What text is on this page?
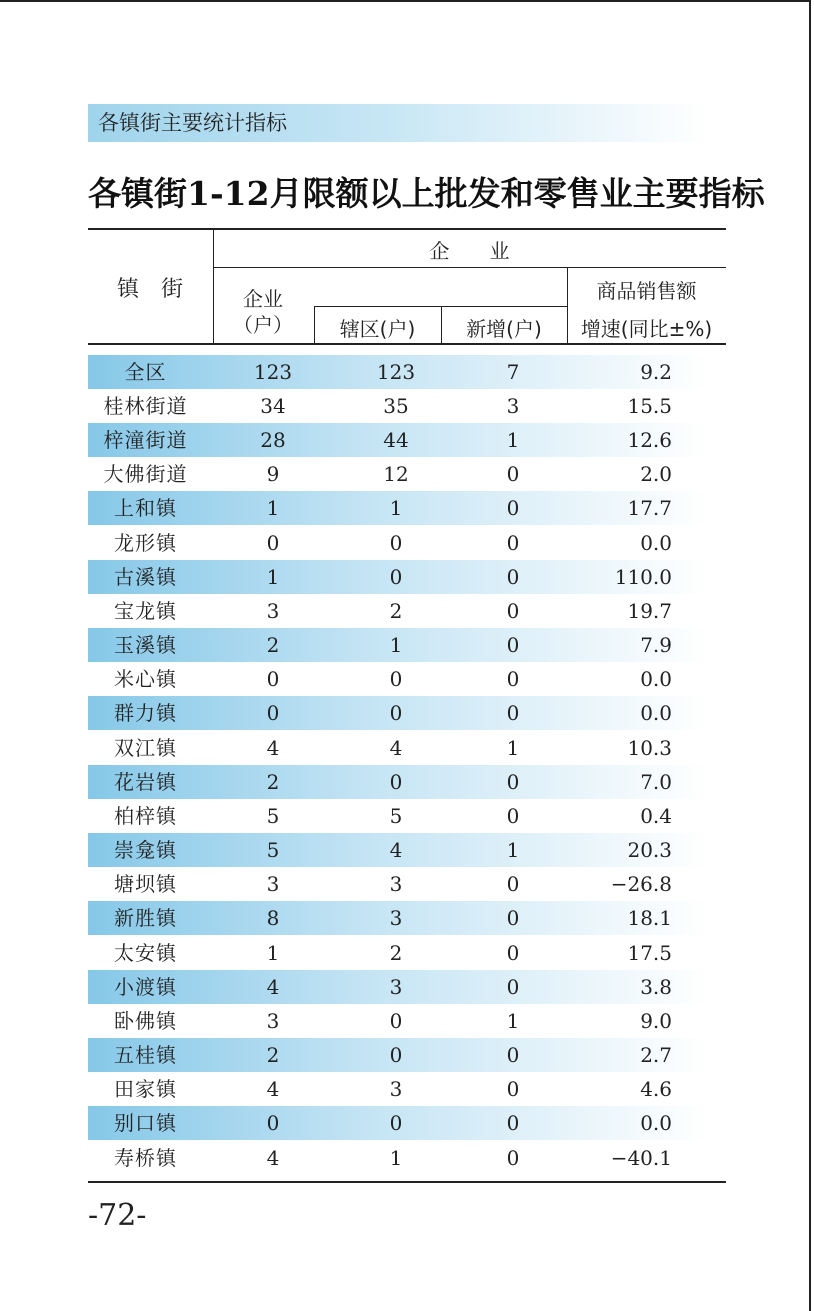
各镇街主要统计指标
各镇街1-12月限额以上批发和零售业主要指标
镇　街
企　　业
企业
（户）	辖区(户)	新增(户)
商品销售额
增速(同比±%)
全区	123	123	7	9.2
桂林街道	34	35	3	15.5
梓潼街道	28	44	1	12.6
大佛街道	9	12	0	2.0
上和镇	1	1	0	17.7
龙形镇	0	0	0	0.0
古溪镇	1	0	0	110.0
宝龙镇	3	2	0	19.7
玉溪镇	2	1	0	7.9
米心镇	0	0	0	0.0
群力镇	0	0	0	0.0
双江镇	4	4	1	10.3
花岩镇	2	0	0	7.0
柏梓镇	5	5	0	0.4
崇龛镇	5	4	1	20.3
塘坝镇	3	3	0	−26.8
新胜镇	8	3	0	18.1
太安镇	1	2	0	17.5
小渡镇	4	3	0	3.8
卧佛镇	3	0	1	9.0
五桂镇	2	0	0	2.7
田家镇	4	3	0	4.6
别口镇	0	0	0	0.0
寿桥镇	4	1	0	−40.1
-72-
